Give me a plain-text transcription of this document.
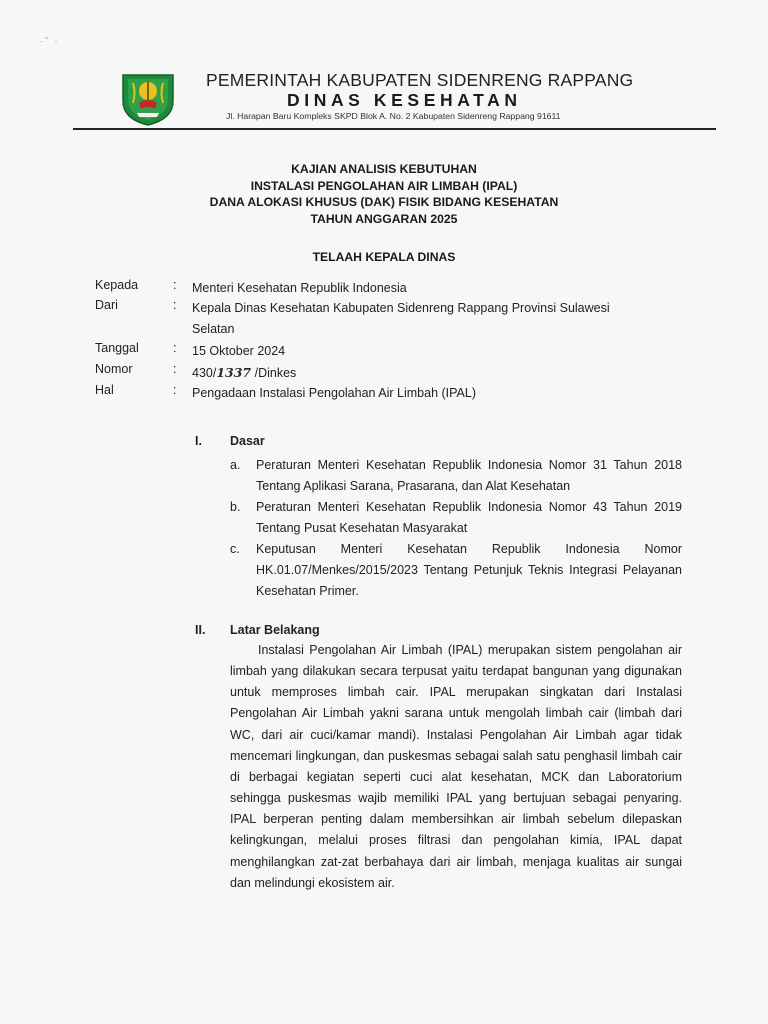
·˘ ·
PEMERINTAH KABUPATEN SIDENRENG RAPPANG
DINAS KESEHATAN
Jl. Harapan Baru Kompleks SKPD Blok A. No. 2 Kabupaten Sidenreng Rappang 91611
KAJIAN ANALISIS KEBUTUHAN
INSTALASI PENGOLAHAN AIR LIMBAH (IPAL)
DANA ALOKASI KHUSUS (DAK) FISIK BIDANG KESEHATAN
TAHUN ANGGARAN 2025
TELAAH KEPALA DINAS
Kepada	: Menteri Kesehatan Republik Indonesia
Dari	: Kepala Dinas Kesehatan Kabupaten Sidenreng Rappang Provinsi Sulawesi Selatan
Tanggal	: 15 Oktober 2024
Nomor	: 430/1337 /Dinkes
Hal	: Pengadaan Instalasi Pengolahan Air Limbah (IPAL)
I. Dasar
a. Peraturan Menteri Kesehatan Republik Indonesia Nomor 31 Tahun 2018 Tentang Aplikasi Sarana, Prasarana, dan Alat Kesehatan
b. Peraturan Menteri Kesehatan Republik Indonesia Nomor 43 Tahun 2019 Tentang Pusat Kesehatan Masyarakat
c. Keputusan Menteri Kesehatan Republik Indonesia Nomor HK.01.07/Menkes/2015/2023 Tentang Petunjuk Teknis Integrasi Pelayanan Kesehatan Primer.
II. Latar Belakang
Instalasi Pengolahan Air Limbah (IPAL) merupakan sistem pengolahan air limbah yang dilakukan secara terpusat yaitu terdapat bangunan yang digunakan untuk memproses limbah cair. IPAL merupakan singkatan dari Instalasi Pengolahan Air Limbah yakni sarana untuk mengolah limbah cair (limbah dari WC, dari air cuci/kamar mandi). Instalasi Pengolahan Air Limbah agar tidak mencemari lingkungan, dan puskesmas sebagai salah satu penghasil limbah cair di berbagai kegiatan seperti cuci alat kesehatan, MCK dan Laboratorium sehingga puskesmas wajib memiliki IPAL yang bertujuan sebagai penyaring. IPAL berperan penting dalam membersihkan air limbah sebelum dilepaskan kelingkungan, melalui proses filtrasi dan pengolahan kimia, IPAL dapat menghilangkan zat-zat berbahaya dari air limbah, menjaga kualitas air sungai dan melindungi ekosistem air.
